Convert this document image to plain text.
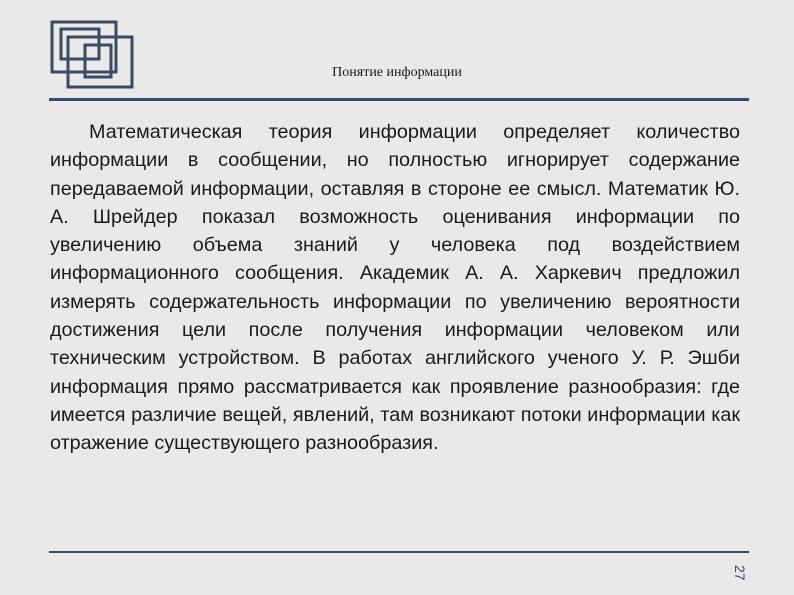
Понятие информации

Математическая теория информации определяет количество информации в сообщении, но полностью игнорирует содержание передаваемой информации, оставляя в стороне ее смысл. Математик Ю. А. Шрейдер показал возможность оценивания информации по увеличению объема знаний у человека под воздействием информационного сообщения. Академик А. А. Харкевич предложил измерять содержательность информации по увеличению вероятности достижения цели после получения информации человеком или техническим устройством. В работах английского ученого У. Р. Эшби информация прямо рассматривается как проявление разнообразия: где имеется различие вещей, явлений, там возникают потоки информации как отражение существующего разнообразия.

27
